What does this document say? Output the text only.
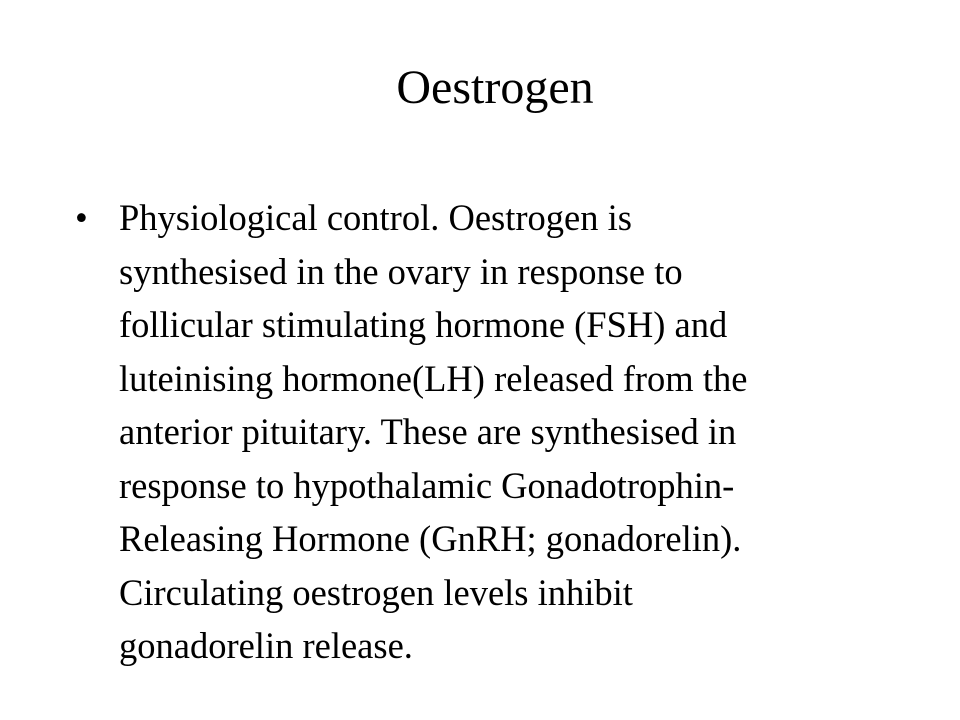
Oestrogen
• Physiological control. Oestrogen is
synthesised in the ovary in response to
follicular stimulating hormone (FSH) and
luteinising hormone(LH) released from the
anterior pituitary. These are synthesised in
response to hypothalamic Gonadotrophin-
Releasing Hormone (GnRH; gonadorelin).
Circulating oestrogen levels inhibit
gonadorelin release.
